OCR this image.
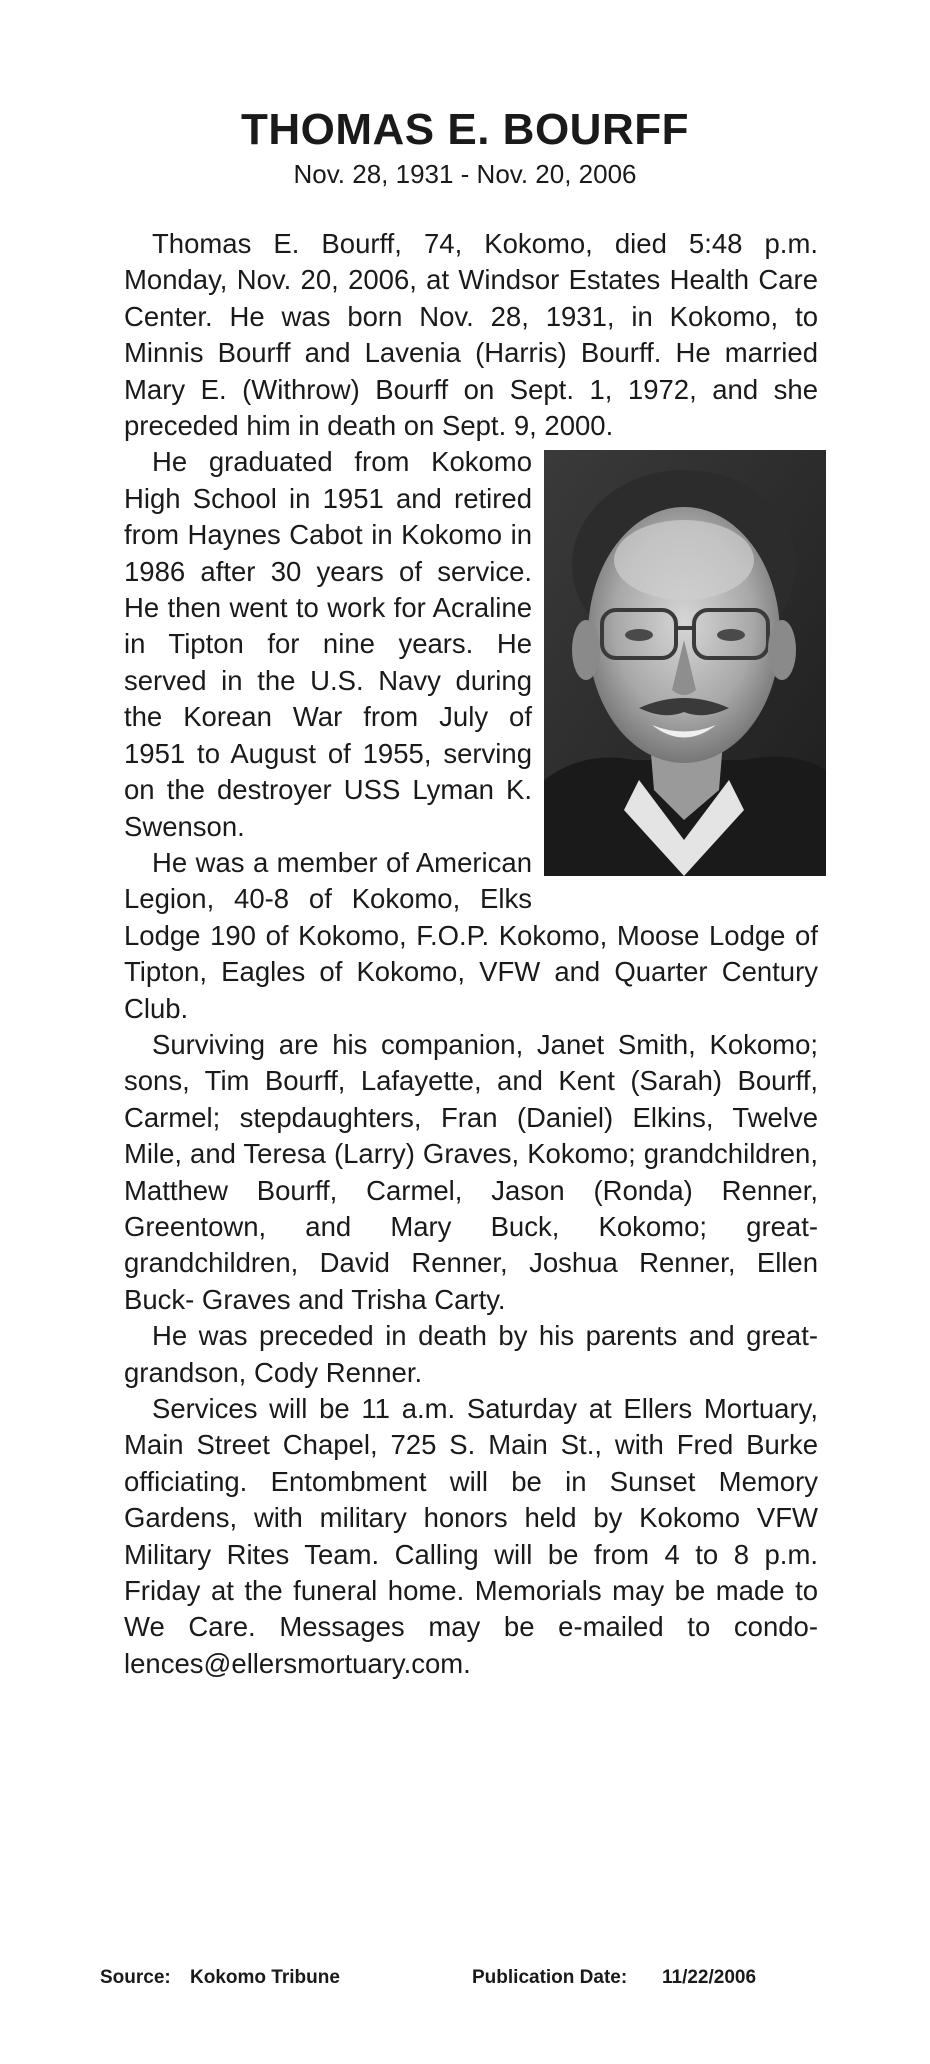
THOMAS E. BOURFF
Nov. 28, 1931 - Nov. 20, 2006

Thomas E. Bourff, 74, Kokomo, died 5:48 p.m. Monday, Nov. 20, 2006, at Windsor Estates Health Care Center. He was born Nov. 28, 1931, in Kokomo, to Minnis Bourff and Lavenia (Harris) Bourff. He married Mary E. (Withrow) Bourff on Sept. 1, 1972, and she preceded him in death on Sept. 9, 2000.

He graduated from Kokomo High School in 1951 and retired from Haynes Cabot in Kokomo in 1986 after 30 years of service. He then went to work for Acraline in Tipton for nine years. He served in the U.S. Navy during the Korean War from July of 1951 to August of 1955, serving on the destroyer USS Lyman K. Swenson.

He was a member of American Legion, 40-8 of Kokomo, Elks Lodge 190 of Kokomo, F.O.P. Kokomo, Moose Lodge of Tipton, Eagles of Kokomo, VFW and Quarter Century Club.

Surviving are his companion, Janet Smith, Kokomo; sons, Tim Bourff, Lafayette, and Kent (Sarah) Bourff, Carmel; stepdaughters, Fran (Daniel) Elkins, Twelve Mile, and Teresa (Larry) Graves, Kokomo; grandchildren, Matthew Bourff, Carmel, Jason (Ronda) Renner, Greentown, and Mary Buck, Kokomo; great-grandchildren, David Renner, Joshua Renner, Ellen Buck- Graves and Trisha Carty.

He was preceded in death by his parents and great-grandson, Cody Renner.

Services will be 11 a.m. Saturday at Ellers Mortuary, Main Street Chapel, 725 S. Main St., with Fred Burke officiating. Entombment will be in Sunset Memory Gardens, with military honors held by Kokomo VFW Military Rites Team. Calling will be from 4 to 8 p.m. Friday at the funeral home. Memorials may be made to We Care. Messages may be e-mailed to condo-lences@ellersmortuary.com.

Source: Kokomo Tribune	Publication Date: 11/22/2006
